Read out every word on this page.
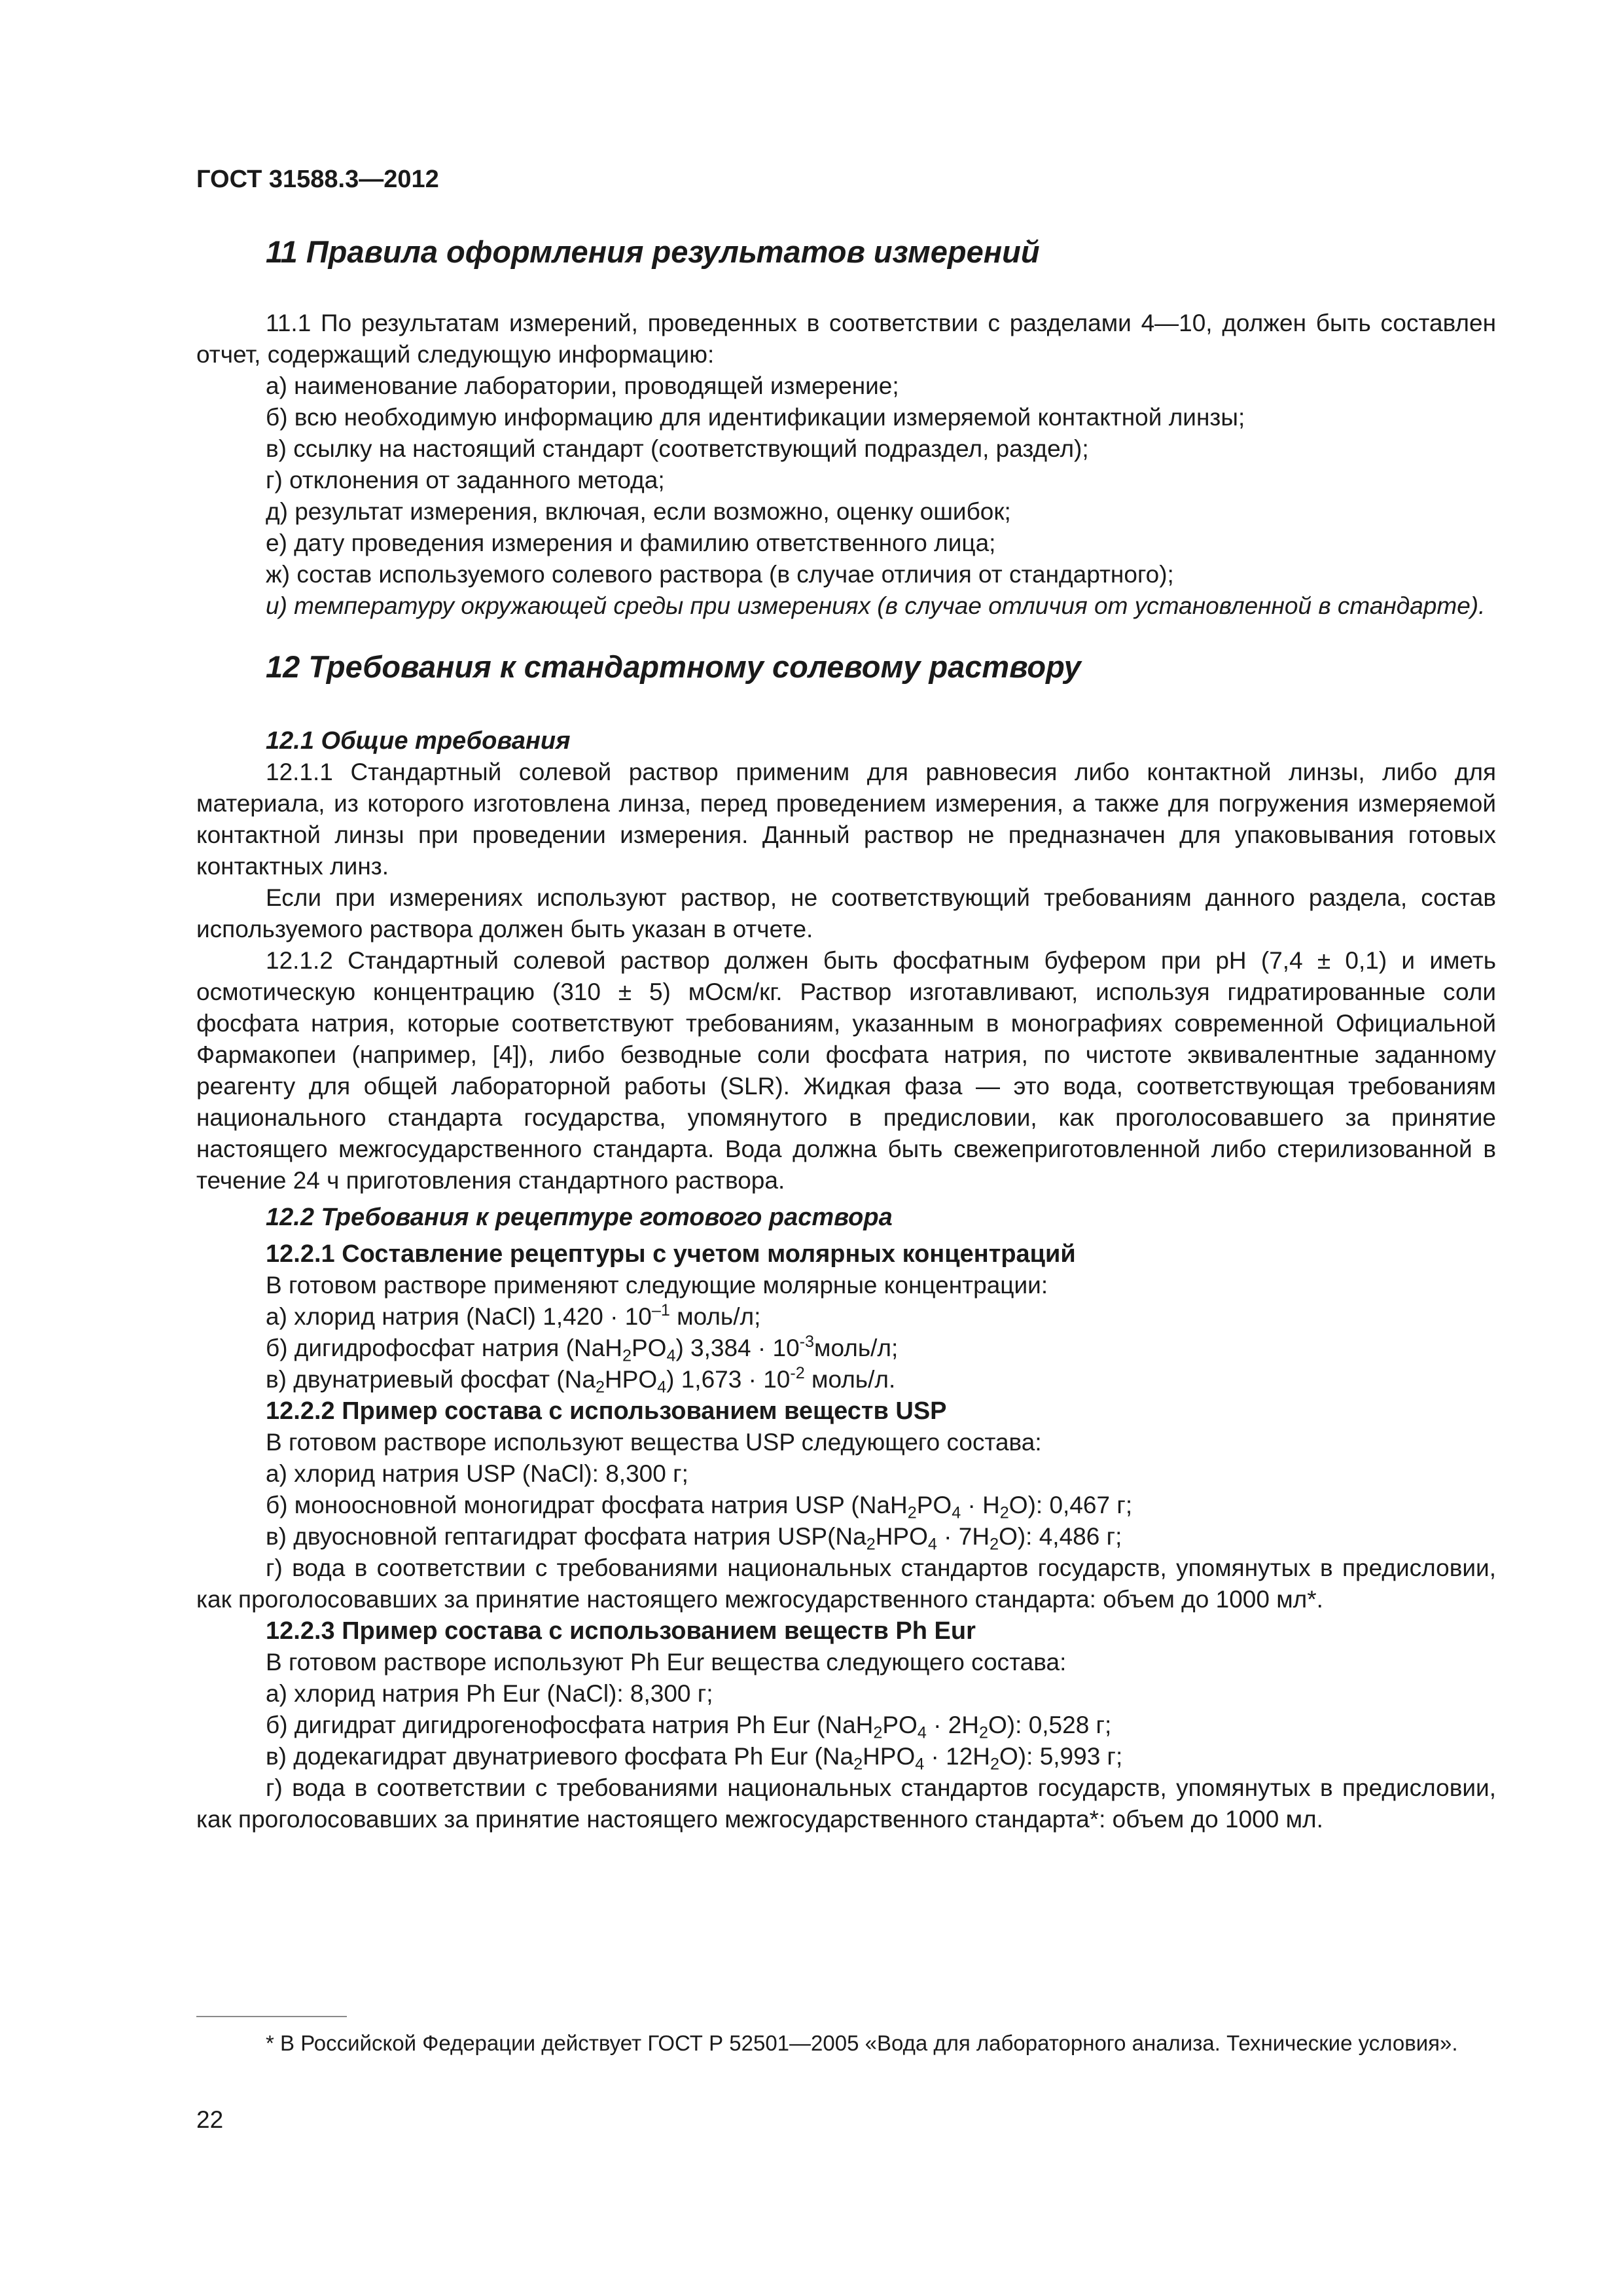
ГОСТ 31588.3—2012
11 Правила оформления результатов измерений

11.1 По результатам измерений, проведенных в соответствии с разделами 4—10, должен быть составлен отчет, содержащий следующую информацию:

а) наименование лаборатории, проводящей измерение;
б) всю необходимую информацию для идентификации измеряемой контактной линзы;
в) ссылку на настоящий стандарт (соответствующий подраздел, раздел);
г) отклонения от заданного метода;
д) результат измерения, включая, если возможно, оценку ошибок;
е) дату проведения измерения и фамилию ответственного лица;
ж) состав используемого солевого раствора (в случае отличия от стандартного);

и) температуру окружающей среды при измерениях (в случае отличия от установленной в стандарте).

12 Требования к стандартному солевому раствору
12.1 Общие требования

12.1.1 Стандартный солевой раствор применим для равновесия либо контактной линзы, либо для материала, из которого изготовлена линза, перед проведением измерения, а также для погружения измеряемой контактной линзы при проведении измерения. Данный раствор не предназначен для упаковывания готовых контактных линз.

Если при измерениях используют раствор, не соответствующий требованиям данного раздела, состав используемого раствора должен быть указан в отчете.

12.1.2 Стандартный солевой раствор должен быть фосфатным буфером при pH (7,4 ± 0,1) и иметь осмотическую концентрацию (310 ± 5) мОсм/кг. Раствор изготавливают, используя гидратированные соли фосфата натрия, которые соответствуют требованиям, указанным в монографиях современной Официальной Фармакопеи (например, [4]), либо безводные соли фосфата натрия, по чистоте эквивалентные заданному реагенту для общей лабораторной работы (SLR). Жидкая фаза — это вода, соответствующая требованиям национального стандарта государства, упомянутого в предисловии, как проголосовавшего за принятие настоящего межгосударственного стандарта. Вода должна быть свежеприготовленной либо стерилизованной в течение 24 ч приготовления стандартного раствора.

12.2 Требования к рецептуре готового раствора
12.2.1 Составление рецептуры с учетом молярных концентраций
В готовом растворе применяют следующие молярные концентрации:
а) хлорид натрия (NaCl) $1,420 \cdot 10^{-1}$ моль/л;
б) дигидрофосфат натрия $(NaH_2PO_4) 3,384$ · $10^{-3}моль/л$;
в) двунатриевый фосфат $(Na_2HPO_4) 1,673 \cdot 10^{-2}$ моль/л.
12.2.2 Пример состава с использованием веществ USP
В готовом растворе используют вещества USP следующего состава:
а) хлорид натрия USP (NaCl): 8,300 г;
б) моноосновной моногидрат фосфата натрия USP $(NaH_2PO_4 \cdot H_2O)$: 0,467 г;
в) двуосновной гептагидрат фосфата натрия $USP(Na_2HPO_4 \cdot 7H_2O)$: 4,486 г;

г) вода в соответствии с требованиями национальных стандартов государств, упомянутых в предисловии, как проголосовавших за принятие настоящего межгосударственного стандарта: объем до 1000 мл*.

12.2.3 Пример состава с использованием веществ Ph Eur
В готовом растворе используют Ph Eur вещества следующего состава:
а) хлорид натрия Ph Eur (NaCl): 8,300 г;
б) дигидрат дигидрогенофосфата натрия Ph Eur $(NaH_2PO_4 \cdot 2H_2O)$: 0,528 г;
в) додекагидрат двунатриевого фосфата Ph Eur $(Na_2HPO_4 \cdot 12H_2O)$: 5,993 г;

г) вода в соответствии с требованиями национальных стандартов государств, упомянутых в предисловии, как проголосовавших за принятие настоящего межгосударственного стандарта*: объем до 1000 мл.

* В Российской Федерации действует ГОСТ Р 52501—2005 «Вода для лабораторного анализа. Технические условия».
22
